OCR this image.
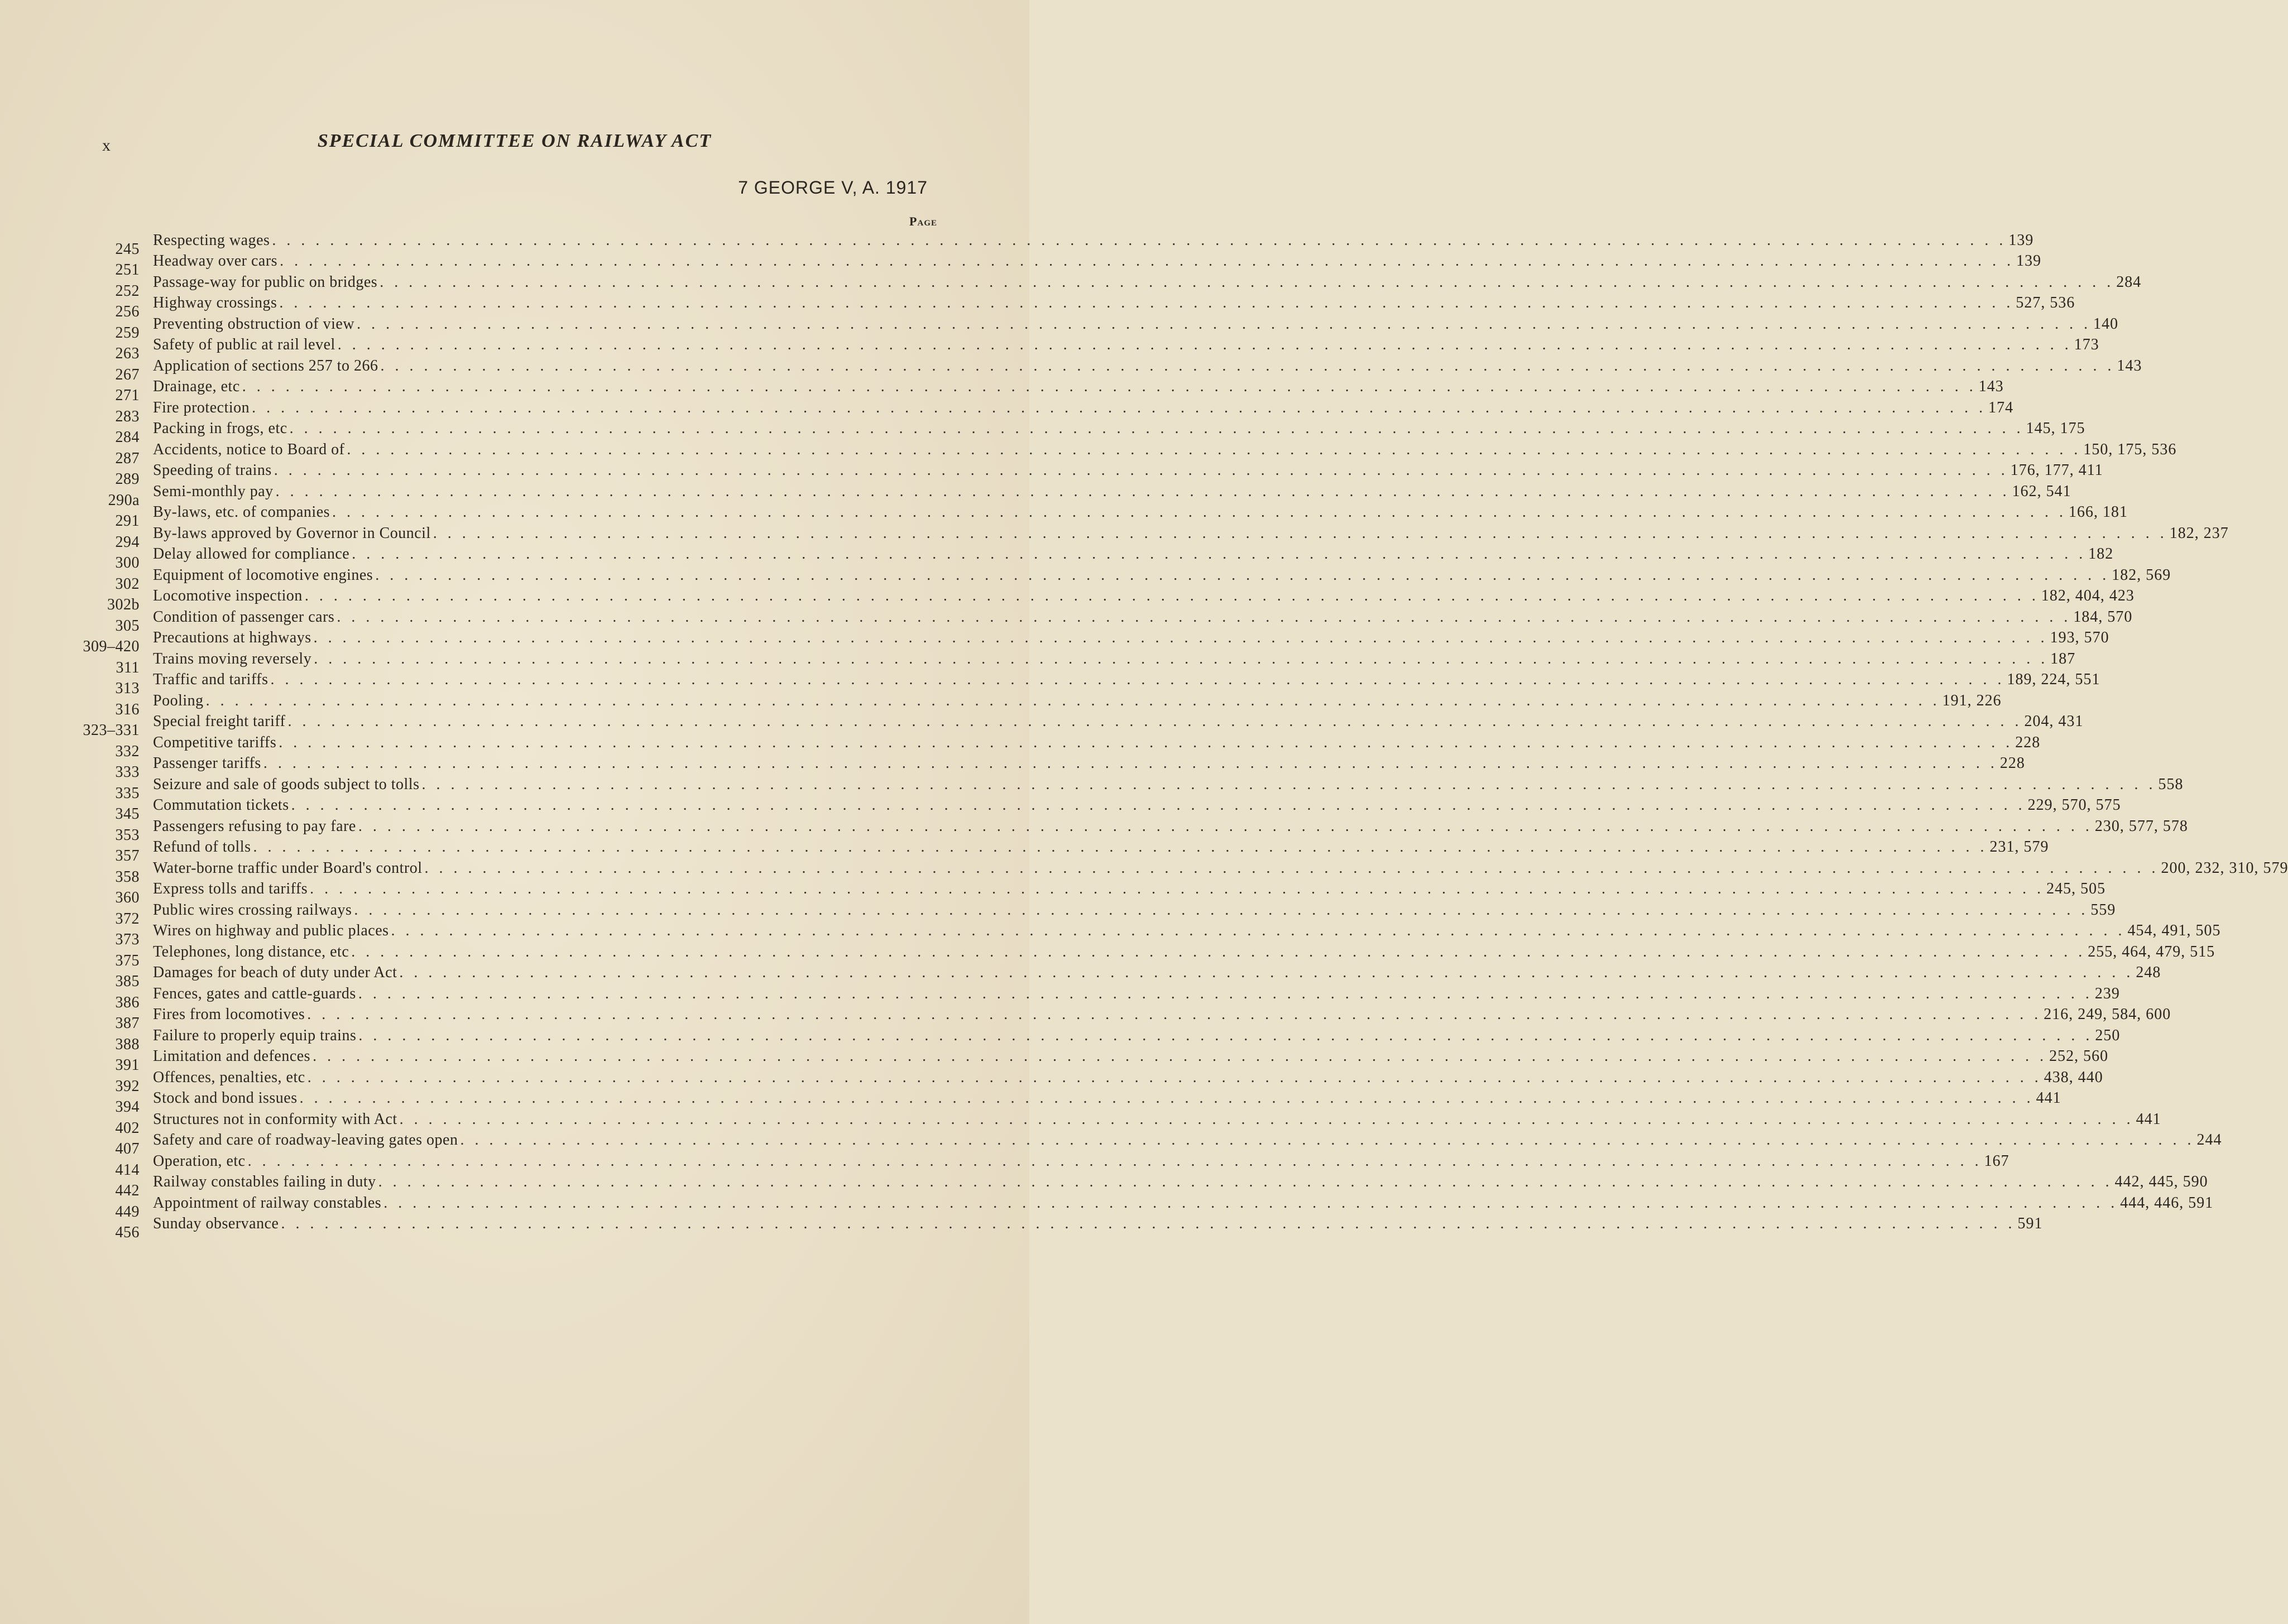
x	SPECIAL COMMITTEE ON RAILWAY ACT
7 GEORGE V, A. 1917
Page
245
Respecting wages . . . . . . . . . . . . . . . . . . . . . . . . . . . . . . . . . . . . . . . . . . . . . . . . . . . . . . . . . . . . . . . . . . . . . . . . . . . . . . . . . . . . . . . . . . . . . . . . . . . . . . . . . . . . . . . . . . . . . . . . 139
251
Headway over cars . . . . . . . . . . . . . . . . . . . . . . . . . . . . . . . . . . . . . . . . . . . . . . . . . . . . . . . . . . . . . . . . . . . . . . . . . . . . . . . . . . . . . . . . . . . . . . . . . . . . . . . . . . . . . . . . . . . . . . . . 139
252
Passage-way for public on bridges . . . . . . . . . . . . . . . . . . . . . . . . . . . . . . . . . . . . . . . . . . . . . . . . . . . . . . . . . . . . . . . . . . . . . . . . . . . . . . . . . . . . . . . . . . . . . . . . . . . . . . . . . . . . . . . . . . . . . . . . 284
256
Highway crossings . . . . . . . . . . . . . . . . . . . . . . . . . . . . . . . . . . . . . . . . . . . . . . . . . . . . . . . . . . . . . . . . . . . . . . . . . . . . . . . . . . . . . . . . . . . . . . . . . . . . . . . . . . . . . . . . . . . . . . . . 527, 536
259
Preventing obstruction of view . . . . . . . . . . . . . . . . . . . . . . . . . . . . . . . . . . . . . . . . . . . . . . . . . . . . . . . . . . . . . . . . . . . . . . . . . . . . . . . . . . . . . . . . . . . . . . . . . . . . . . . . . . . . . . . . . . . . . . . . 140
263
Safety of public at rail level . . . . . . . . . . . . . . . . . . . . . . . . . . . . . . . . . . . . . . . . . . . . . . . . . . . . . . . . . . . . . . . . . . . . . . . . . . . . . . . . . . . . . . . . . . . . . . . . . . . . . . . . . . . . . . . . . . . . . . . . 173
267
Application of sections 257 to 266 . . . . . . . . . . . . . . . . . . . . . . . . . . . . . . . . . . . . . . . . . . . . . . . . . . . . . . . . . . . . . . . . . . . . . . . . . . . . . . . . . . . . . . . . . . . . . . . . . . . . . . . . . . . . . . . . . . . . . . . . 143
271
Drainage, etc . . . . . . . . . . . . . . . . . . . . . . . . . . . . . . . . . . . . . . . . . . . . . . . . . . . . . . . . . . . . . . . . . . . . . . . . . . . . . . . . . . . . . . . . . . . . . . . . . . . . . . . . . . . . . . . . . . . . . . . . 143
283
Fire protection . . . . . . . . . . . . . . . . . . . . . . . . . . . . . . . . . . . . . . . . . . . . . . . . . . . . . . . . . . . . . . . . . . . . . . . . . . . . . . . . . . . . . . . . . . . . . . . . . . . . . . . . . . . . . . . . . . . . . . . . 174
284
Packing in frogs, etc . . . . . . . . . . . . . . . . . . . . . . . . . . . . . . . . . . . . . . . . . . . . . . . . . . . . . . . . . . . . . . . . . . . . . . . . . . . . . . . . . . . . . . . . . . . . . . . . . . . . . . . . . . . . . . . . . . . . . . . . 145, 175
287
Accidents, notice to Board of . . . . . . . . . . . . . . . . . . . . . . . . . . . . . . . . . . . . . . . . . . . . . . . . . . . . . . . . . . . . . . . . . . . . . . . . . . . . . . . . . . . . . . . . . . . . . . . . . . . . . . . . . . . . . . . . . . . . . . . . 150, 175, 536
289
Speeding of trains . . . . . . . . . . . . . . . . . . . . . . . . . . . . . . . . . . . . . . . . . . . . . . . . . . . . . . . . . . . . . . . . . . . . . . . . . . . . . . . . . . . . . . . . . . . . . . . . . . . . . . . . . . . . . . . . . . . . . . . . 176, 177, 411
290a
Semi-monthly pay . . . . . . . . . . . . . . . . . . . . . . . . . . . . . . . . . . . . . . . . . . . . . . . . . . . . . . . . . . . . . . . . . . . . . . . . . . . . . . . . . . . . . . . . . . . . . . . . . . . . . . . . . . . . . . . . . . . . . . . . 162, 541
291
By-laws, etc. of companies . . . . . . . . . . . . . . . . . . . . . . . . . . . . . . . . . . . . . . . . . . . . . . . . . . . . . . . . . . . . . . . . . . . . . . . . . . . . . . . . . . . . . . . . . . . . . . . . . . . . . . . . . . . . . . . . . . . . . . . . 166, 181
294
By-laws approved by Governor in Council . . . . . . . . . . . . . . . . . . . . . . . . . . . . . . . . . . . . . . . . . . . . . . . . . . . . . . . . . . . . . . . . . . . . . . . . . . . . . . . . . . . . . . . . . . . . . . . . . . . . . . . . . . . . . . . . . . . . . . . . 182, 237
300
Delay allowed for compliance . . . . . . . . . . . . . . . . . . . . . . . . . . . . . . . . . . . . . . . . . . . . . . . . . . . . . . . . . . . . . . . . . . . . . . . . . . . . . . . . . . . . . . . . . . . . . . . . . . . . . . . . . . . . . . . . . . . . . . . . 182
302
Equipment of locomotive engines . . . . . . . . . . . . . . . . . . . . . . . . . . . . . . . . . . . . . . . . . . . . . . . . . . . . . . . . . . . . . . . . . . . . . . . . . . . . . . . . . . . . . . . . . . . . . . . . . . . . . . . . . . . . . . . . . . . . . . . . 182, 569
302b
Locomotive inspection . . . . . . . . . . . . . . . . . . . . . . . . . . . . . . . . . . . . . . . . . . . . . . . . . . . . . . . . . . . . . . . . . . . . . . . . . . . . . . . . . . . . . . . . . . . . . . . . . . . . . . . . . . . . . . . . . . . . . . . . 182, 404, 423
305
Condition of passenger cars . . . . . . . . . . . . . . . . . . . . . . . . . . . . . . . . . . . . . . . . . . . . . . . . . . . . . . . . . . . . . . . . . . . . . . . . . . . . . . . . . . . . . . . . . . . . . . . . . . . . . . . . . . . . . . . . . . . . . . . . 184, 570
309–420
Precautions at highways . . . . . . . . . . . . . . . . . . . . . . . . . . . . . . . . . . . . . . . . . . . . . . . . . . . . . . . . . . . . . . . . . . . . . . . . . . . . . . . . . . . . . . . . . . . . . . . . . . . . . . . . . . . . . . . . . . . . . . . . 193, 570
311
Trains moving reversely . . . . . . . . . . . . . . . . . . . . . . . . . . . . . . . . . . . . . . . . . . . . . . . . . . . . . . . . . . . . . . . . . . . . . . . . . . . . . . . . . . . . . . . . . . . . . . . . . . . . . . . . . . . . . . . . . . . . . . . . 187
313
Traffic and tariffs . . . . . . . . . . . . . . . . . . . . . . . . . . . . . . . . . . . . . . . . . . . . . . . . . . . . . . . . . . . . . . . . . . . . . . . . . . . . . . . . . . . . . . . . . . . . . . . . . . . . . . . . . . . . . . . . . . . . . . . . 189, 224, 551
316
Pooling . . . . . . . . . . . . . . . . . . . . . . . . . . . . . . . . . . . . . . . . . . . . . . . . . . . . . . . . . . . . . . . . . . . . . . . . . . . . . . . . . . . . . . . . . . . . . . . . . . . . . . . . . . . . . . . . . . . . . . . . 191, 226
323–331
Special freight tariff . . . . . . . . . . . . . . . . . . . . . . . . . . . . . . . . . . . . . . . . . . . . . . . . . . . . . . . . . . . . . . . . . . . . . . . . . . . . . . . . . . . . . . . . . . . . . . . . . . . . . . . . . . . . . . . . . . . . . . . . 204, 431
332
Competitive tariffs . . . . . . . . . . . . . . . . . . . . . . . . . . . . . . . . . . . . . . . . . . . . . . . . . . . . . . . . . . . . . . . . . . . . . . . . . . . . . . . . . . . . . . . . . . . . . . . . . . . . . . . . . . . . . . . . . . . . . . . . 228
333
Passenger tariffs . . . . . . . . . . . . . . . . . . . . . . . . . . . . . . . . . . . . . . . . . . . . . . . . . . . . . . . . . . . . . . . . . . . . . . . . . . . . . . . . . . . . . . . . . . . . . . . . . . . . . . . . . . . . . . . . . . . . . . . . 228
335
Seizure and sale of goods subject to tolls . . . . . . . . . . . . . . . . . . . . . . . . . . . . . . . . . . . . . . . . . . . . . . . . . . . . . . . . . . . . . . . . . . . . . . . . . . . . . . . . . . . . . . . . . . . . . . . . . . . . . . . . . . . . . . . . . . . . . . . . 558
345
Commutation tickets . . . . . . . . . . . . . . . . . . . . . . . . . . . . . . . . . . . . . . . . . . . . . . . . . . . . . . . . . . . . . . . . . . . . . . . . . . . . . . . . . . . . . . . . . . . . . . . . . . . . . . . . . . . . . . . . . . . . . . . . 229, 570, 575
353
Passengers refusing to pay fare . . . . . . . . . . . . . . . . . . . . . . . . . . . . . . . . . . . . . . . . . . . . . . . . . . . . . . . . . . . . . . . . . . . . . . . . . . . . . . . . . . . . . . . . . . . . . . . . . . . . . . . . . . . . . . . . . . . . . . . . 230, 577, 578
357
Refund of tolls . . . . . . . . . . . . . . . . . . . . . . . . . . . . . . . . . . . . . . . . . . . . . . . . . . . . . . . . . . . . . . . . . . . . . . . . . . . . . . . . . . . . . . . . . . . . . . . . . . . . . . . . . . . . . . . . . . . . . . . . 231, 579
358
Water-borne traffic under Board's control . . . . . . . . . . . . . . . . . . . . . . . . . . . . . . . . . . . . . . . . . . . . . . . . . . . . . . . . . . . . . . . . . . . . . . . . . . . . . . . . . . . . . . . . . . . . . . . . . . . . . . . . . . . . . . . . . . . . . . . . 200, 232, 310, 579
360
Express tolls and tariffs . . . . . . . . . . . . . . . . . . . . . . . . . . . . . . . . . . . . . . . . . . . . . . . . . . . . . . . . . . . . . . . . . . . . . . . . . . . . . . . . . . . . . . . . . . . . . . . . . . . . . . . . . . . . . . . . . . . . . . . . 245, 505
372
Public wires crossing railways . . . . . . . . . . . . . . . . . . . . . . . . . . . . . . . . . . . . . . . . . . . . . . . . . . . . . . . . . . . . . . . . . . . . . . . . . . . . . . . . . . . . . . . . . . . . . . . . . . . . . . . . . . . . . . . . . . . . . . . . 559
373
Wires on highway and public places . . . . . . . . . . . . . . . . . . . . . . . . . . . . . . . . . . . . . . . . . . . . . . . . . . . . . . . . . . . . . . . . . . . . . . . . . . . . . . . . . . . . . . . . . . . . . . . . . . . . . . . . . . . . . . . . . . . . . . . . 454, 491, 505
375
Telephones, long distance, etc . . . . . . . . . . . . . . . . . . . . . . . . . . . . . . . . . . . . . . . . . . . . . . . . . . . . . . . . . . . . . . . . . . . . . . . . . . . . . . . . . . . . . . . . . . . . . . . . . . . . . . . . . . . . . . . . . . . . . . . . 255, 464, 479, 515
385
Damages for beach of duty under Act . . . . . . . . . . . . . . . . . . . . . . . . . . . . . . . . . . . . . . . . . . . . . . . . . . . . . . . . . . . . . . . . . . . . . . . . . . . . . . . . . . . . . . . . . . . . . . . . . . . . . . . . . . . . . . . . . . . . . . . . 248
386
Fences, gates and cattle-guards . . . . . . . . . . . . . . . . . . . . . . . . . . . . . . . . . . . . . . . . . . . . . . . . . . . . . . . . . . . . . . . . . . . . . . . . . . . . . . . . . . . . . . . . . . . . . . . . . . . . . . . . . . . . . . . . . . . . . . . . 239
387
Fires from locomotives . . . . . . . . . . . . . . . . . . . . . . . . . . . . . . . . . . . . . . . . . . . . . . . . . . . . . . . . . . . . . . . . . . . . . . . . . . . . . . . . . . . . . . . . . . . . . . . . . . . . . . . . . . . . . . . . . . . . . . . . 216, 249, 584, 600
388
Failure to properly equip trains . . . . . . . . . . . . . . . . . . . . . . . . . . . . . . . . . . . . . . . . . . . . . . . . . . . . . . . . . . . . . . . . . . . . . . . . . . . . . . . . . . . . . . . . . . . . . . . . . . . . . . . . . . . . . . . . . . . . . . . . 250
391
Limitation and defences . . . . . . . . . . . . . . . . . . . . . . . . . . . . . . . . . . . . . . . . . . . . . . . . . . . . . . . . . . . . . . . . . . . . . . . . . . . . . . . . . . . . . . . . . . . . . . . . . . . . . . . . . . . . . . . . . . . . . . . . 252, 560
392
Offences, penalties, etc . . . . . . . . . . . . . . . . . . . . . . . . . . . . . . . . . . . . . . . . . . . . . . . . . . . . . . . . . . . . . . . . . . . . . . . . . . . . . . . . . . . . . . . . . . . . . . . . . . . . . . . . . . . . . . . . . . . . . . . . 438, 440
394
Stock and bond issues . . . . . . . . . . . . . . . . . . . . . . . . . . . . . . . . . . . . . . . . . . . . . . . . . . . . . . . . . . . . . . . . . . . . . . . . . . . . . . . . . . . . . . . . . . . . . . . . . . . . . . . . . . . . . . . . . . . . . . . . 441
402
Structures not in conformity with Act . . . . . . . . . . . . . . . . . . . . . . . . . . . . . . . . . . . . . . . . . . . . . . . . . . . . . . . . . . . . . . . . . . . . . . . . . . . . . . . . . . . . . . . . . . . . . . . . . . . . . . . . . . . . . . . . . . . . . . . . 441
407
Safety and care of roadway-leaving gates open . . . . . . . . . . . . . . . . . . . . . . . . . . . . . . . . . . . . . . . . . . . . . . . . . . . . . . . . . . . . . . . . . . . . . . . . . . . . . . . . . . . . . . . . . . . . . . . . . . . . . . . . . . . . . . . . . . . . . . . . 244
414
Operation, etc . . . . . . . . . . . . . . . . . . . . . . . . . . . . . . . . . . . . . . . . . . . . . . . . . . . . . . . . . . . . . . . . . . . . . . . . . . . . . . . . . . . . . . . . . . . . . . . . . . . . . . . . . . . . . . . . . . . . . . . . 167
442
Railway constables failing in duty . . . . . . . . . . . . . . . . . . . . . . . . . . . . . . . . . . . . . . . . . . . . . . . . . . . . . . . . . . . . . . . . . . . . . . . . . . . . . . . . . . . . . . . . . . . . . . . . . . . . . . . . . . . . . . . . . . . . . . . . 442, 445, 590
449
Appointment of railway constables . . . . . . . . . . . . . . . . . . . . . . . . . . . . . . . . . . . . . . . . . . . . . . . . . . . . . . . . . . . . . . . . . . . . . . . . . . . . . . . . . . . . . . . . . . . . . . . . . . . . . . . . . . . . . . . . . . . . . . . . 444, 446, 591
456
Sunday observance . . . . . . . . . . . . . . . . . . . . . . . . . . . . . . . . . . . . . . . . . . . . . . . . . . . . . . . . . . . . . . . . . . . . . . . . . . . . . . . . . . . . . . . . . . . . . . . . . . . . . . . . . . . . . . . . . . . . . . . . 591
